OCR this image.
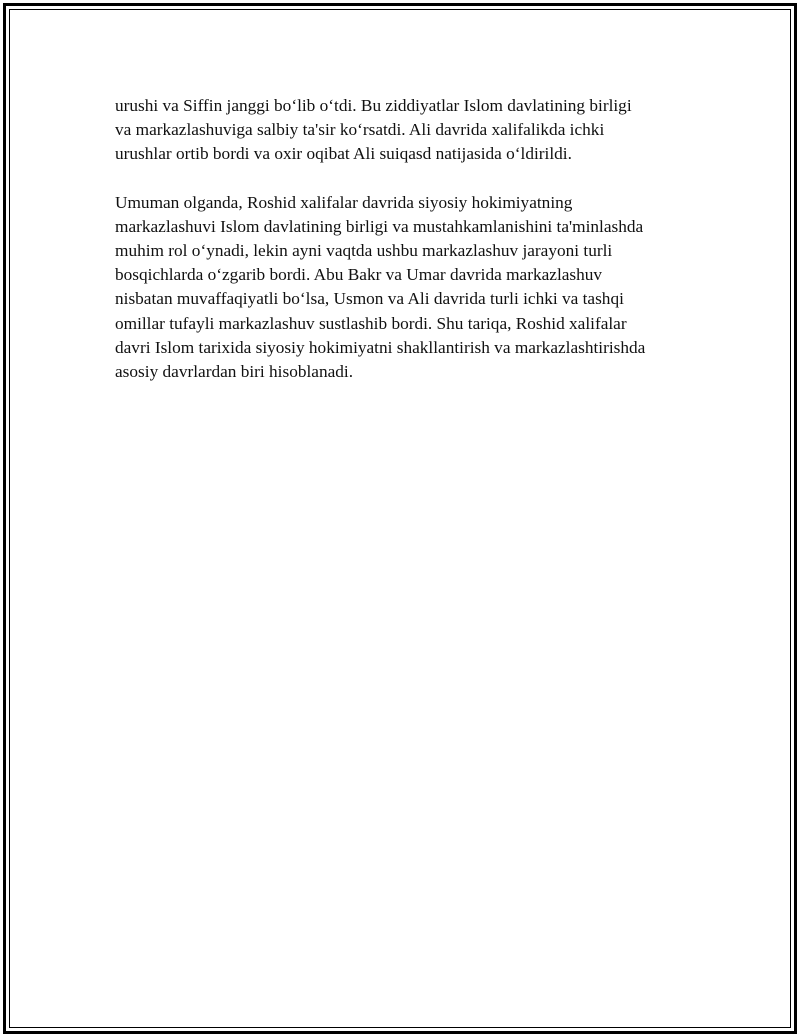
urushi va Siffin janggi boʻlib oʻtdi. Bu ziddiyatlar Islom davlatining birligi
va markazlashuviga salbiy ta'sir koʻrsatdi. Ali davrida xalifalikda ichki
urushlar ortib bordi va oxir oqibat Ali suiqasd natijasida oʻldirildi.

Umuman olganda, Roshid xalifalar davrida siyosiy hokimiyatning
markazlashuvi Islom davlatining birligi va mustahkamlanishini ta'minlashda
muhim rol oʻynadi, lekin ayni vaqtda ushbu markazlashuv jarayoni turli
bosqichlarda oʻzgarib bordi. Abu Bakr va Umar davrida markazlashuv
nisbatan muvaffaqiyatli boʻlsa, Usmon va Ali davrida turli ichki va tashqi
omillar tufayli markazlashuv sustlashib bordi. Shu tariqa, Roshid xalifalar
davri Islom tarixida siyosiy hokimiyatni shakllantirish va markazlashtirishda
asosiy davrlardan biri hisoblanadi.
